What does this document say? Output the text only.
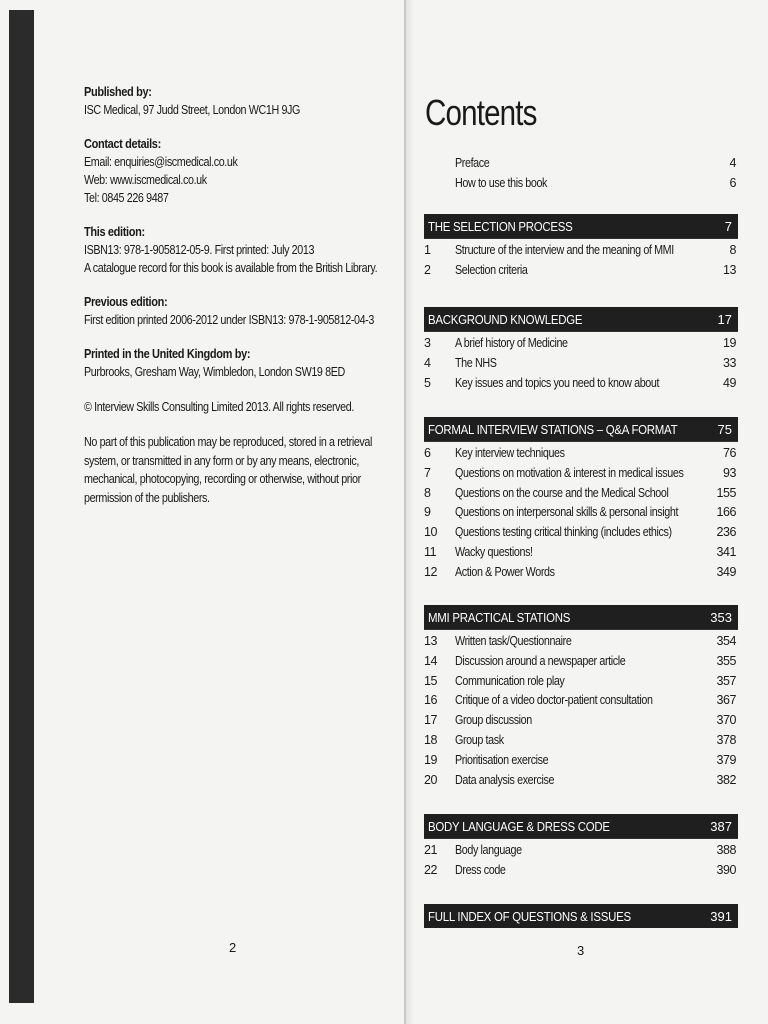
Published by:
ISC Medical, 97 Judd Street, London WC1H 9JG
Contact details:
Email: enquiries@iscmedical.co.uk
Web: www.iscmedical.co.uk
Tel: 0845 226 9487
This edition:
ISBN13: 978-1-905812-05-9. First printed: July 2013
A catalogue record for this book is available from the British Library.
Previous edition:
First edition printed 2006-2012 under ISBN13: 978-1-905812-04-3
Printed in the United Kingdom by:
Purbrooks, Gresham Way, Wimbledon, London SW19 8ED
© Interview Skills Consulting Limited 2013. All rights reserved.
No part of this publication may be reproduced, stored in a retrieval system, or transmitted in any form or by any means, electronic, mechanical, photocopying, recording or otherwise, without prior permission of the publishers.
2
Contents
Preface	4
How to use this book	6
THE SELECTION PROCESS	7
1	Structure of the interview and the meaning of MMI	8
2	Selection criteria	13
BACKGROUND KNOWLEDGE	17
3	A brief history of Medicine	19
4	The NHS	33
5	Key issues and topics you need to know about	49
FORMAL INTERVIEW STATIONS – Q&A FORMAT	75
6	Key interview techniques	76
7	Questions on motivation & interest in medical issues	93
8	Questions on the course and the Medical School	155
9	Questions on interpersonal skills & personal insight	166
10	Questions testing critical thinking (includes ethics)	236
11	Wacky questions!	341
12	Action & Power Words	349
MMI PRACTICAL STATIONS	353
13	Written task/Questionnaire	354
14	Discussion around a newspaper article	355
15	Communication role play	357
16	Critique of a video doctor-patient consultation	367
17	Group discussion	370
18	Group task	378
19	Prioritisation exercise	379
20	Data analysis exercise	382
BODY LANGUAGE & DRESS CODE	387
21	Body language	388
22	Dress code	390
FULL INDEX OF QUESTIONS & ISSUES	391
3
